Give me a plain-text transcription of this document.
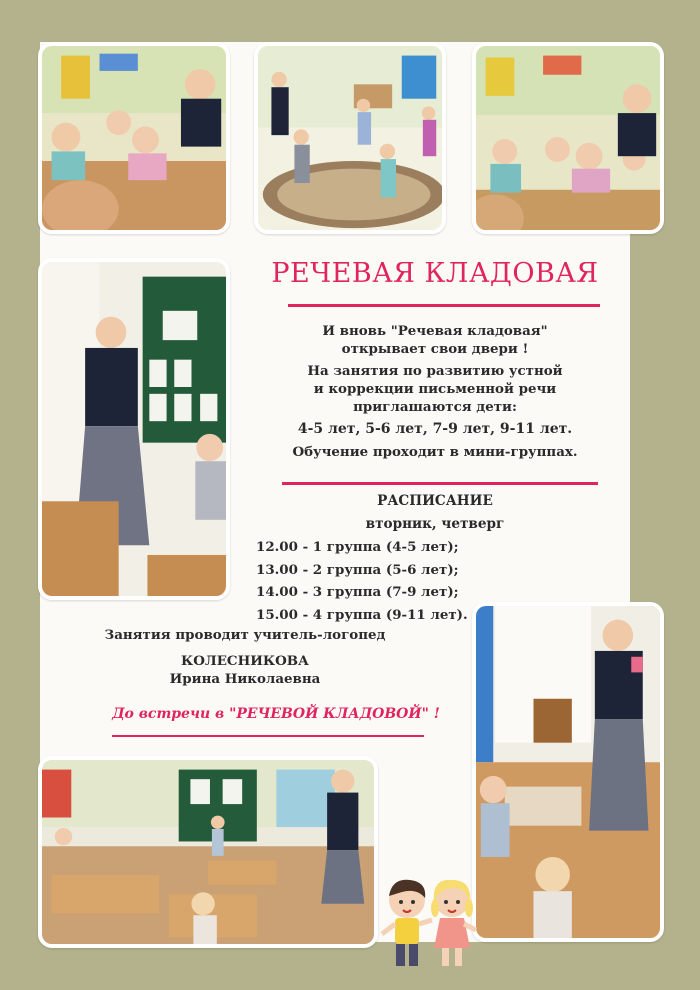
РЕЧЕВАЯ КЛАДОВАЯ
И вновь "Речевая кладовая"
открывает свои двери !
На занятия по развитию устной
и коррекции письменной речи
приглашаются дети:
4-5 лет, 5-6 лет, 7-9 лет, 9-11 лет.
Обучение проходит в мини-группах.
РАСПИСАНИЕ
вторник, четверг
12.00 - 1 группа (4-5 лет);
13.00 - 2 группа (5-6 лет);
14.00 - 3 группа (7-9 лет);
15.00 - 4 группа (9-11 лет).
Занятия проводит учитель-логопед
КОЛЕСНИКОВА
Ирина Николаевна
До встречи в "РЕЧЕВОЙ КЛАДОВОЙ" !
